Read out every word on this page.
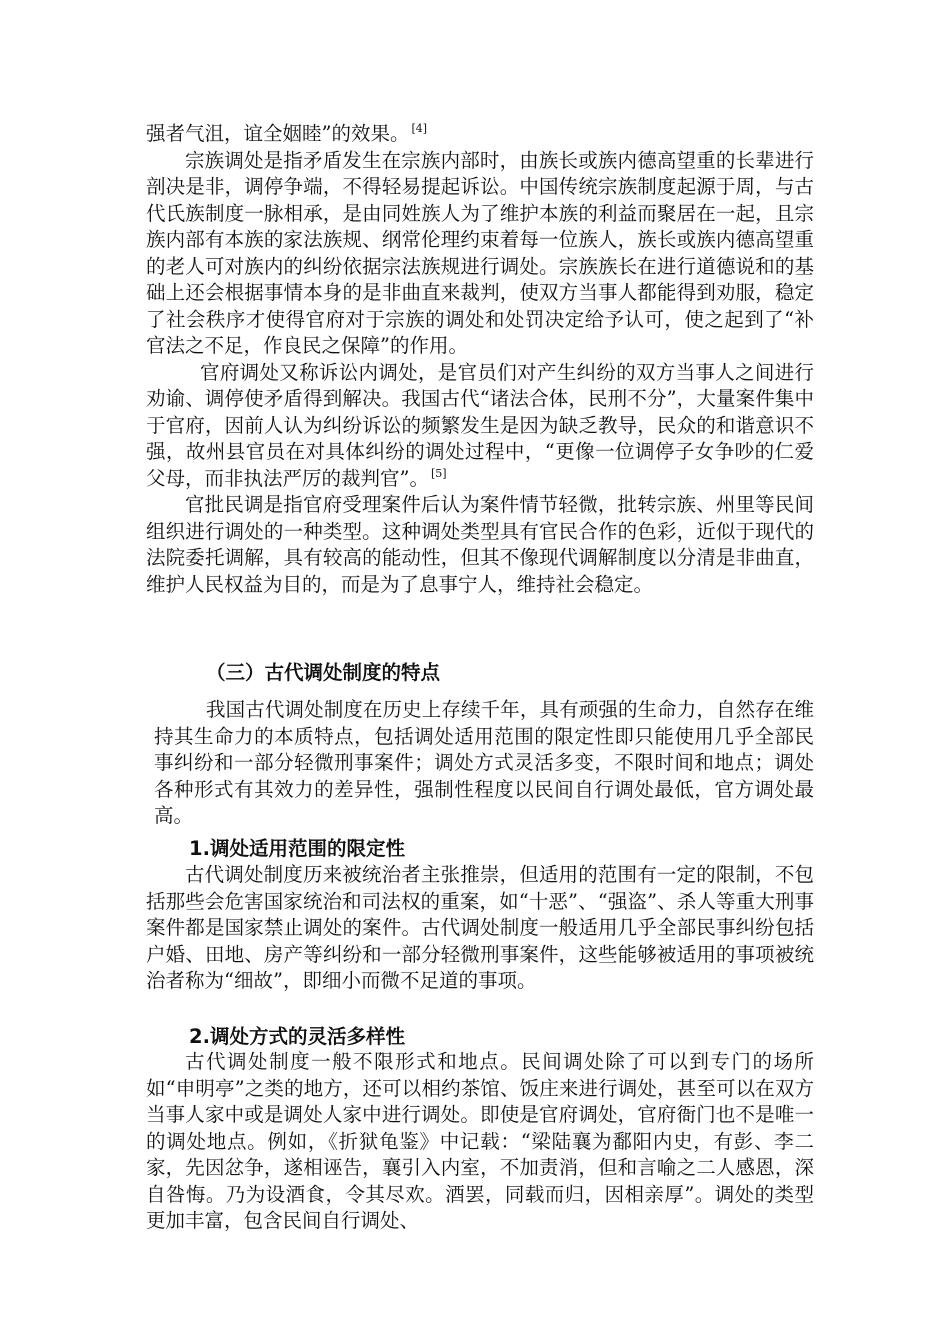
强者气沮，谊全姻睦”的效果。 [4]

宗族调处是指矛盾发生在宗族内部时，由族长或族内德高望重的长辈进行剖决是非，调停争端，不得轻易提起诉讼。中国传统宗族制度起源于周，与古代氏族制度一脉相承，是由同姓族人为了维护本族的利益而聚居在一起，且宗族内部有本族的家法族规、纲常伦理约束着每一位族人，族长或族内德高望重的老人可对族内的纠纷依据宗法族规进行调处。宗族族长在进行道德说和的基础上还会根据事情本身的是非曲直来裁判，使双方当事人都能得到劝服，稳定了社会秩序才使得官府对于宗族的调处和处罚决定给予认可，使之起到了“补官法之不足，作良民之保障”的作用。

官府调处又称诉讼内调处，是官员们对产生纠纷的双方当事人之间进行劝谕、调停使矛盾得到解决。我国古代“诸法合体，民刑不分”，大量案件集中于官府，因前人认为纠纷诉讼的频繁发生是因为缺乏教导，民众的和谐意识不强，故州县官员在对具体纠纷的调处过程中，“更像一位调停子女争吵的仁爱父母，而非执法严厉的裁判官”。 [5]

官批民调是指官府受理案件后认为案件情节轻微，批转宗族、州里等民间组织进行调处的一种类型。这种调处类型具有官民合作的色彩，近似于现代的法院委托调解，具有较高的能动性，但其不像现代调解制度以分清是非曲直，维护人民权益为目的，而是为了息事宁人，维持社会稳定。

（三）古代调处制度的特点

我国古代调处制度在历史上存续千年，具有顽强的生命力，自然存在维持其生命力的本质特点，包括调处适用范围的限定性即只能使用几乎全部民事纠纷和一部分轻微刑事案件；调处方式灵活多变，不限时间和地点；调处各种形式有其效力的差异性，强制性程度以民间自行调处最低，官方调处最高。

1.调处适用范围的限定性

古代调处制度历来被统治者主张推崇，但适用的范围有一定的限制，不包括那些会危害国家统治和司法权的重案，如“十恶”、“强盗”、杀人等重大刑事案件都是国家禁止调处的案件。古代调处制度一般适用几乎全部民事纠纷包括户婚、田地、房产等纠纷和一部分轻微刑事案件，这些能够被适用的事项被统治者称为“细故”，即细小而微不足道的事项。

2.调处方式的灵活多样性

古代调处制度一般不限形式和地点。民间调处除了可以到专门的场所如“申明亭”之类的地方，还可以相约茶馆、饭庄来进行调处，甚至可以在双方当事人家中或是调处人家中进行调处。即使是官府调处，官府衙门也不是唯一的调处地点。例如，《折狱龟鉴》中记载：“梁陆襄为鄱阳内史，有彭、李二家，先因忿争，遂相诬告，襄引入内室，不加责消，但和言喻之二人感恩，深自咎悔。乃为设酒食，令其尽欢。酒罢，同载而归，因相亲厚”。调处的类型更加丰富，包含民间自行调处、
